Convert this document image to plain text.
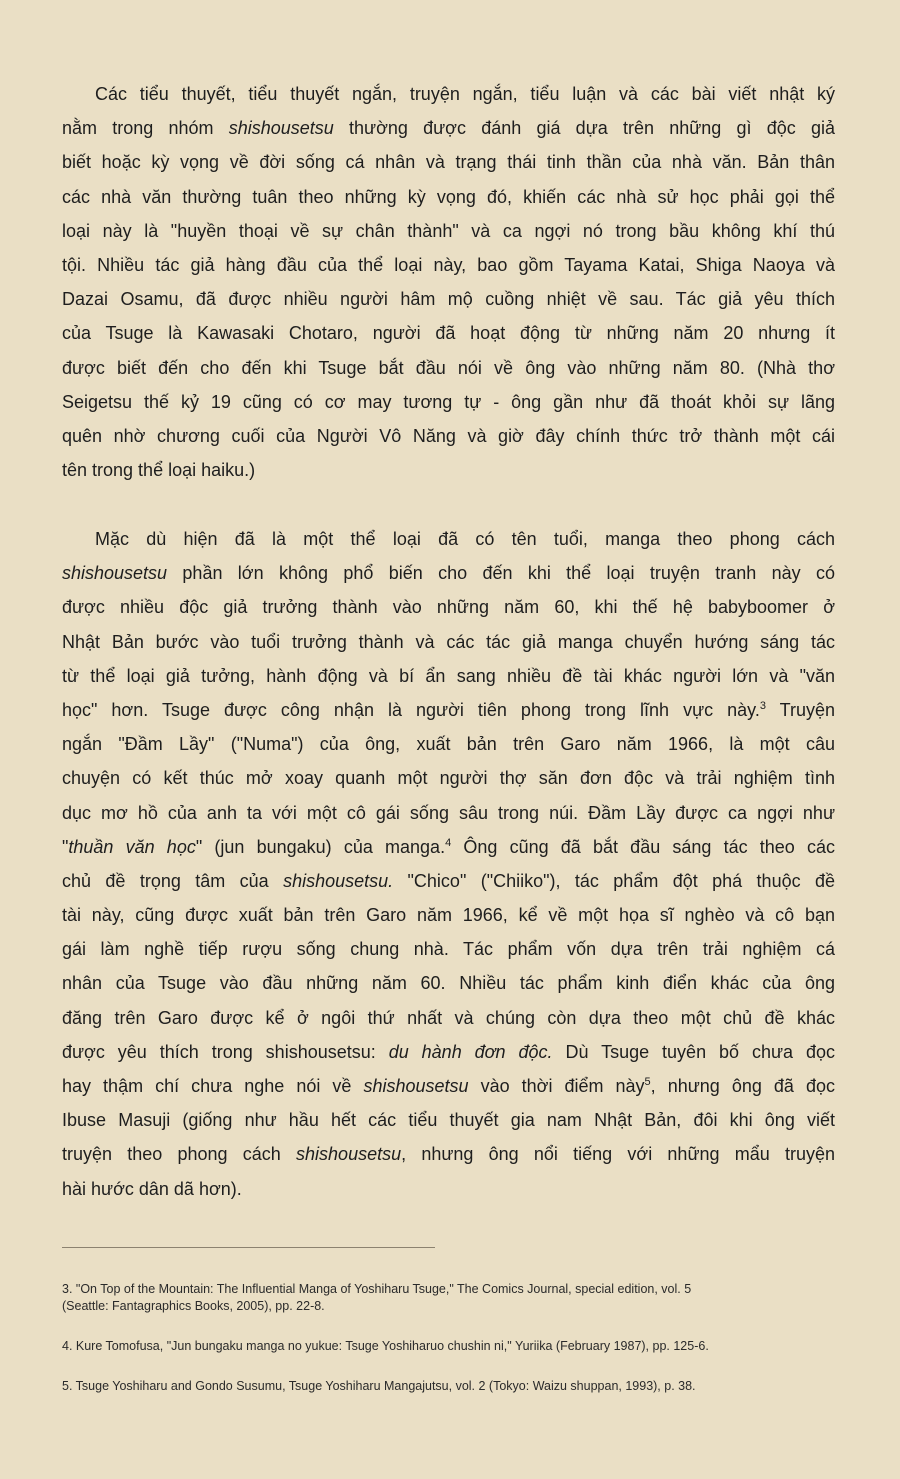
Các tiểu thuyết, tiểu thuyết ngắn, truyện ngắn, tiểu luận và các bài viết nhật ký
nằm trong nhóm shishousetsu thường được đánh giá dựa trên những gì độc giả
biết hoặc kỳ vọng về đời sống cá nhân và trạng thái tinh thần của nhà văn. Bản thân
các nhà văn thường tuân theo những kỳ vọng đó, khiến các nhà sử học phải gọi thể
loại này là "huyền thoại về sự chân thành" và ca ngợi nó trong bầu không khí thú
tội. Nhiều tác giả hàng đầu của thể loại này, bao gồm Tayama Katai, Shiga Naoya và
Dazai Osamu, đã được nhiều người hâm mộ cuồng nhiệt về sau. Tác giả yêu thích
của Tsuge là Kawasaki Chotaro, người đã hoạt động từ những năm 20 nhưng ít
được biết đến cho đến khi Tsuge bắt đầu nói về ông vào những năm 80. (Nhà thơ
Seigetsu thế kỷ 19 cũng có cơ may tương tự - ông gần như đã thoát khỏi sự lãng
quên nhờ chương cuối của Người Vô Năng và giờ đây chính thức trở thành một cái
tên trong thể loại haiku.)
Mặc dù hiện đã là một thể loại đã có tên tuổi, manga theo phong cách
shishousetsu phần lớn không phổ biến cho đến khi thể loại truyện tranh này có
được nhiều độc giả trưởng thành vào những năm 60, khi thế hệ babyboomer ở
Nhật Bản bước vào tuổi trưởng thành và các tác giả manga chuyển hướng sáng tác
từ thể loại giả tưởng, hành động và bí ẩn sang nhiều đề tài khác người lớn và "văn
học" hơn. Tsuge được công nhận là người tiên phong trong lĩnh vực này.$^3$ Truyện
ngắn "Đầm Lầy" ("Numa") của ông, xuất bản trên Garo năm 1966, là một câu
chuyện có kết thúc mở xoay quanh một người thợ săn đơn độc và trải nghiệm tình
dục mơ hồ của anh ta với một cô gái sống sâu trong núi. Đầm Lầy được ca ngợi như
"thuần văn học" (jun bungaku) của manga.$^4$ Ông cũng đã bắt đầu sáng tác theo các
chủ đề trọng tâm của shishousetsu. "Chico" ("Chiiko"), tác phẩm đột phá thuộc đề
tài này, cũng được xuất bản trên Garo năm 1966, kể về một họa sĩ nghèo và cô bạn
gái làm nghề tiếp rượu sống chung nhà. Tác phẩm vốn dựa trên trải nghiệm cá
nhân của Tsuge vào đầu những năm 60. Nhiều tác phẩm kinh điển khác của ông
đăng trên Garo được kể ở ngôi thứ nhất và chúng còn dựa theo một chủ đề khác
được yêu thích trong shishousetsu: du hành đơn độc. Dù Tsuge tuyên bố chưa đọc
hay thậm chí chưa nghe nói về shishousetsu vào thời điểm này$^5$, nhưng ông đã đọc
Ibuse Masuji (giống như hầu hết các tiểu thuyết gia nam Nhật Bản, đôi khi ông viết
truyện theo phong cách shishousetsu, nhưng ông nổi tiếng với những mẩu truyện
hài hước dân dã hơn).
3. "On Top of the Mountain: The Influential Manga of Yoshiharu Tsuge," The Comics Journal, special edition, vol. 5
(Seattle: Fantagraphics Books, 2005), pp. 22-8.
4. Kure Tomofusa, "Jun bungaku manga no yukue: Tsuge Yoshiharuo chushin ni," Yuriika (February 1987), pp. 125-6.
5. Tsuge Yoshiharu and Gondo Susumu, Tsuge Yoshiharu Mangajutsu, vol. 2 (Tokyo: Waizu shuppan, 1993), p. 38.
